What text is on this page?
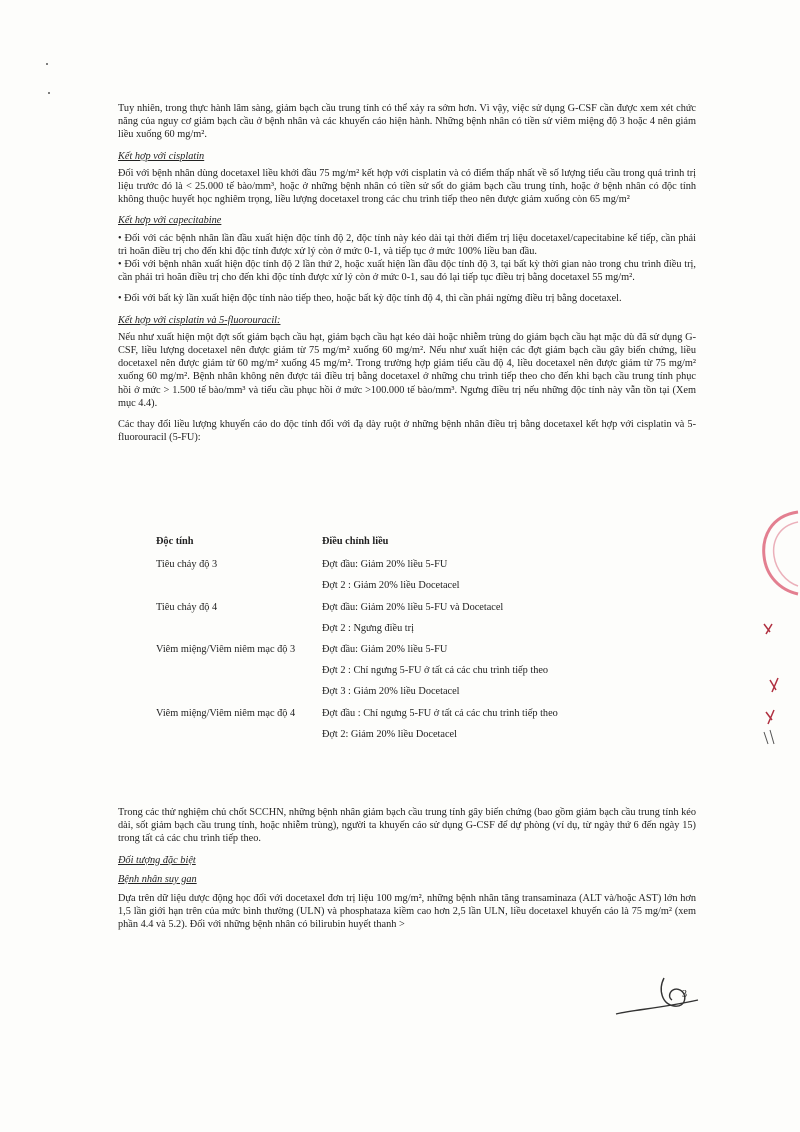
Tuy nhiên, trong thực hành lâm sàng, giảm bạch cầu trung tính có thể xảy ra sớm hơn. Vì vậy, việc sử dụng G-CSF cần được xem xét chức năng của nguy cơ giảm bạch cầu ở bệnh nhân và các khuyến cáo hiện hành. Những bệnh nhân có tiền sử viêm miệng độ 3 hoặc 4 nên giảm liều xuống 60 mg/m².

Kết hợp với cisplatin

Đối với bệnh nhân dùng docetaxel liều khởi đầu 75 mg/m² kết hợp với cisplatin và có điểm thấp nhất về số lượng tiểu cầu trong quá trình trị liệu trước đó là < 25.000 tế bào/mm³, hoặc ở những bệnh nhân có tiền sử sốt do giảm bạch cầu trung tính, hoặc ở bệnh nhân có độc tính không thuộc huyết học nghiêm trọng, liều lượng docetaxel trong các chu trình tiếp theo nên được giảm xuống còn 65 mg/m²

Kết hợp với capecitabine

• Đối với các bệnh nhân lần đầu xuất hiện độc tính độ 2, độc tính này kéo dài tại thời điểm trị liệu docetaxel/capecitabine kế tiếp, cần phải trì hoãn điều trị cho đến khi độc tính được xử lý còn ở mức 0-1, và tiếp tục ở mức 100% liều ban đầu.

• Đối với bệnh nhân xuất hiện độc tính độ 2 lần thứ 2, hoặc xuất hiện lần đầu độc tính độ 3, tại bất kỳ thời gian nào trong chu trình điều trị, cần phải trì hoãn điều trị cho đến khi độc tính được xử lý còn ở mức 0-1, sau đó lại tiếp tục điều trị bằng docetaxel 55 mg/m².

• Đối với bất kỳ lần xuất hiện độc tính nào tiếp theo, hoặc bất kỳ độc tính độ 4, thì cần phải ngừng điều trị bằng docetaxel.

Kết hợp với cisplatin và 5-fluorouracil:

Nếu như xuất hiện một đợt sốt giảm bạch cầu hạt, giảm bạch cầu hạt kéo dài hoặc nhiễm trùng do giảm bạch cầu hạt mặc dù đã sử dụng G-CSF, liều lượng docetaxel nên được giảm từ 75 mg/m² xuống 60 mg/m². Nếu như xuất hiện các đợt giảm bạch cầu gây biến chứng, liều docetaxel nên được giảm từ 60 mg/m² xuống 45 mg/m². Trong trường hợp giảm tiểu cầu độ 4, liều docetaxel nên được giảm từ 75 mg/m² xuống 60 mg/m². Bệnh nhân không nên được tái điều trị bằng docetaxel ở những chu trình tiếp theo cho đến khi bạch cầu trung tính phục hồi ở mức > 1.500 tế bào/mm³ và tiểu cầu phục hồi ở mức >100.000 tế bào/mm³. Ngưng điều trị nếu những độc tính này vẫn tồn tại (Xem mục 4.4).

Các thay đổi liều lượng khuyến cáo do độc tính đối với đạ dày ruột ở những bệnh nhân điều trị bằng docetaxel kết hợp với cisplatin và 5-fluorouracil (5-FU):

Độc tính	Điều chỉnh liều
Tiêu chảy độ 3	Đợt đầu: Giảm 20% liều 5-FU
	Đợt 2 : Giảm 20% liều Docetacel
Tiêu chảy độ 4	Đợt đầu: Giảm 20% liều 5-FU và Docetacel
	Đợt 2 : Ngưng điều trị
Viêm miệng/Viêm niêm mạc độ 3	Đợt đầu: Giảm 20% liều 5-FU
	Đợt 2 : Chỉ ngưng 5-FU ở tất cả các chu trình tiếp theo
	Đợt 3 : Giảm 20% liều Docetacel
Viêm miệng/Viêm niêm mạc độ 4	Đợt đầu : Chỉ ngưng 5-FU ở tất cả các chu trình tiếp theo
	Đợt 2: Giảm 20% liều Docetacel

Trong các thử nghiệm chủ chốt SCCHN, những bệnh nhân giảm bạch cầu trung tính gây biến chứng (bao gồm giảm bạch cầu trung tính kéo dài, sốt giảm bạch cầu trung tính, hoặc nhiễm trùng), người ta khuyến cáo sử dụng G-CSF để dự phòng (ví dụ, từ ngày thứ 6 đến ngày 15) trong tất cả các chu trình tiếp theo.

Đối tượng đặc biệt
Bệnh nhân suy gan

Dựa trên dữ liệu dược động học đối với docetaxel đơn trị liệu 100 mg/m², những bệnh nhân tăng transaminaza (ALT và/hoặc AST) lớn hơn 1,5 lần giới hạn trên của mức bình thường (ULN) và phosphataza kiềm cao hơn 2,5 lần ULN, liều docetaxel khuyến cáo là 75 mg/m² (xem phần 4.4 và 5.2). Đối với những bệnh nhân có bilirubin huyết thanh >

3
